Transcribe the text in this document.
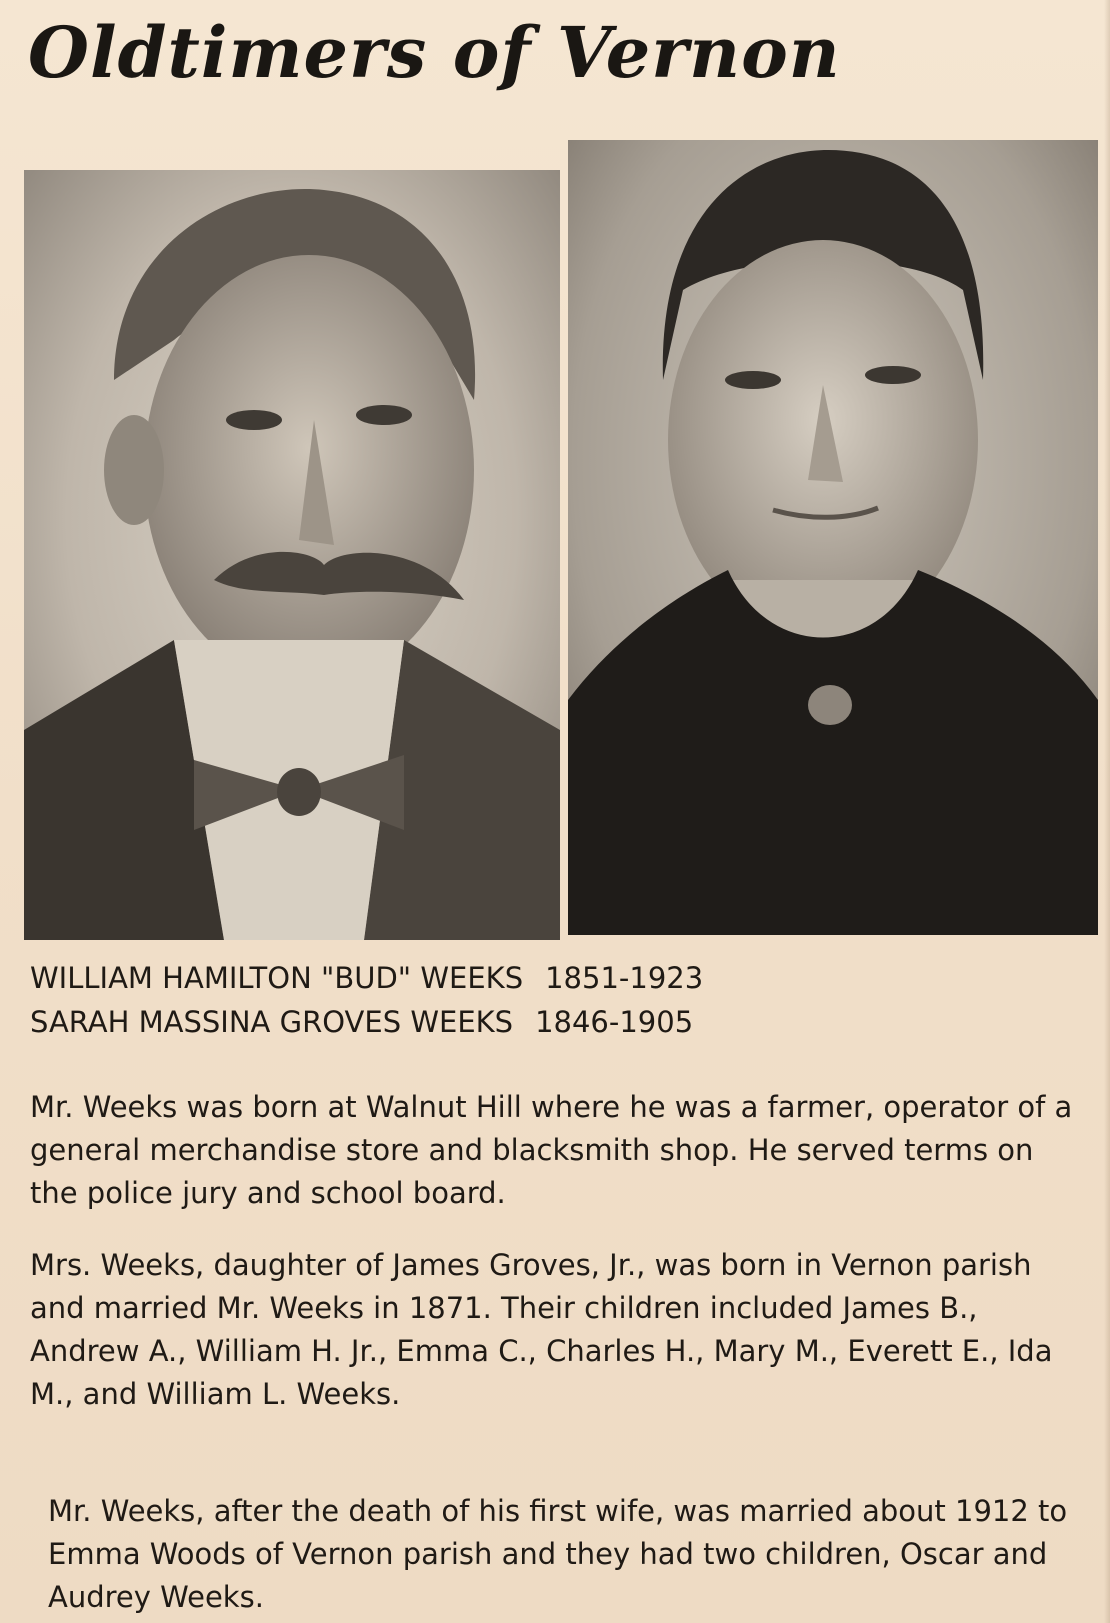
Oldtimers of Vernon
WILLIAM HAMILTON "BUD" WEEKS 1851-1923
SARAH MASSINA GROVES WEEKS 1846-1905

Mr. Weeks was born at Walnut Hill where he was a farmer, operator of a general merchandise store and blacksmith shop. He served terms on the police jury and school board.

Mrs. Weeks, daughter of James Groves, Jr., was born in Vernon parish and married Mr. Weeks in 1871. Their children included James B., Andrew A., William H. Jr., Emma C., Charles H., Mary M., Everett E., Ida M., and William L. Weeks.

Mr. Weeks, after the death of his first wife, was married about 1912 to Emma Woods of Vernon parish and they had two children, Oscar and Audrey Weeks.
